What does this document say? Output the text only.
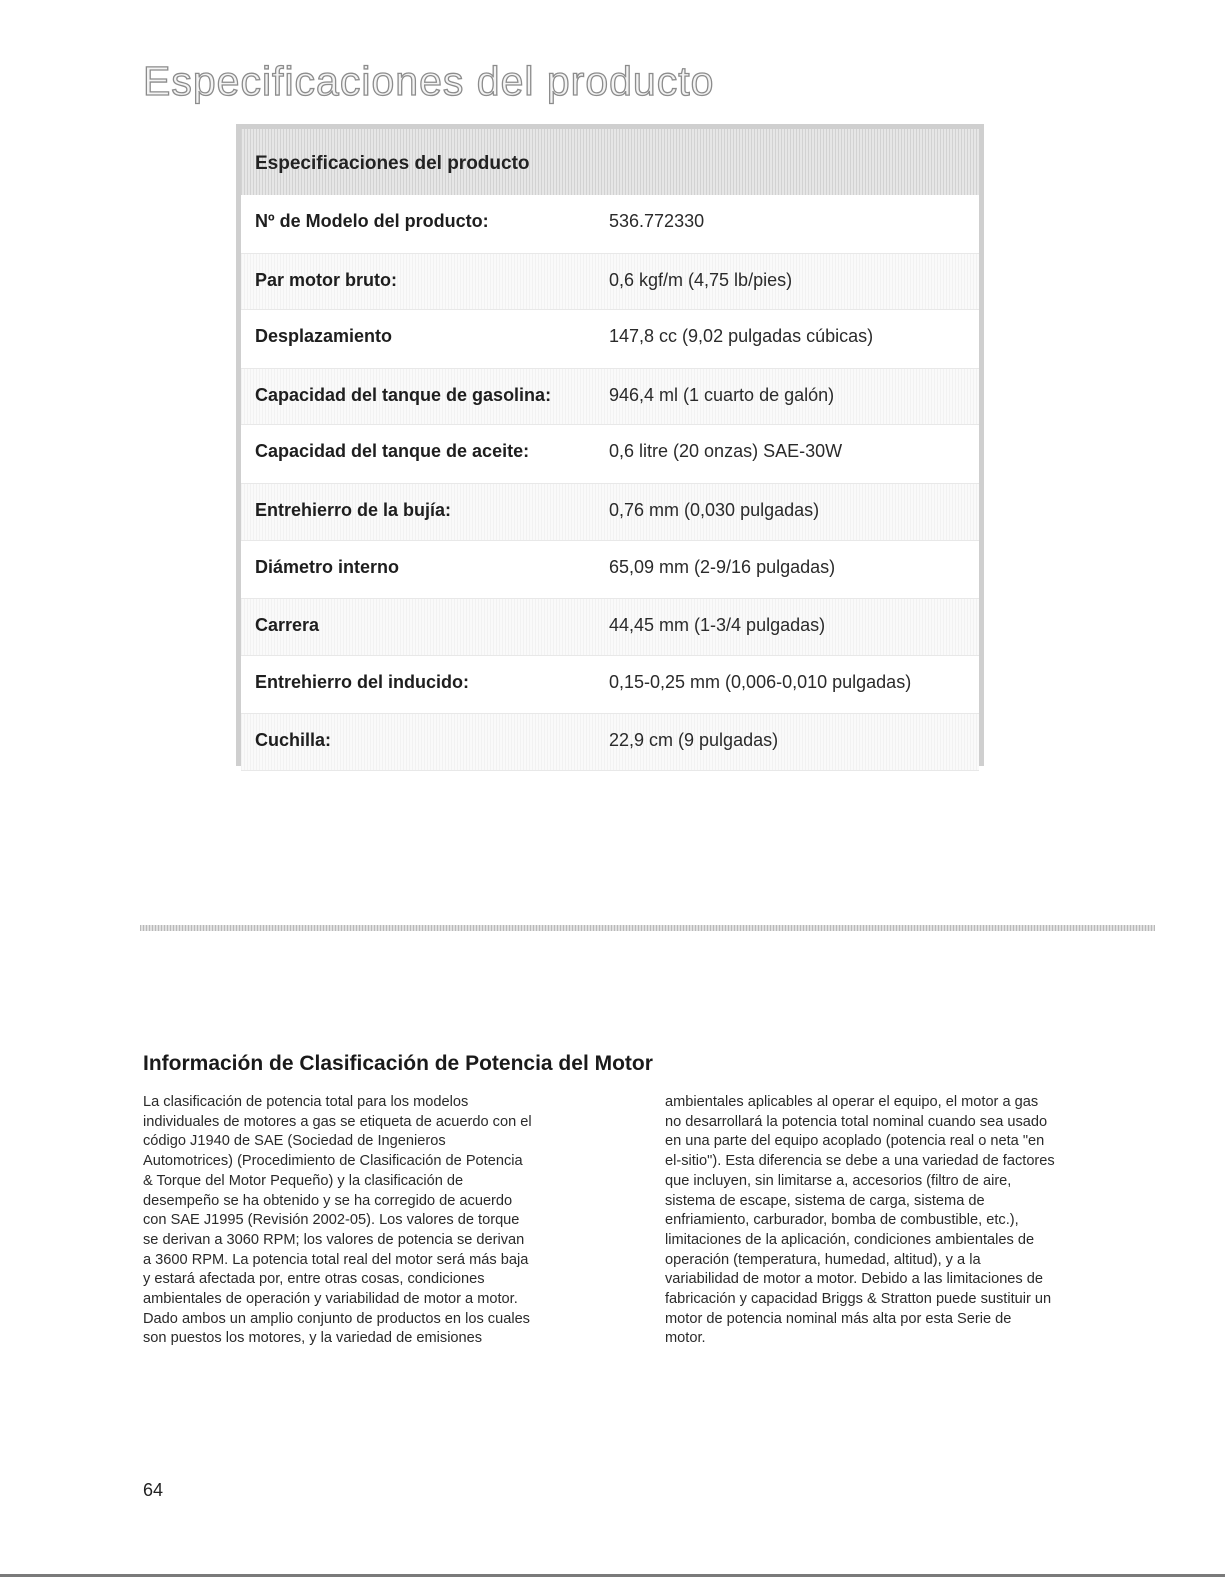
Especificaciones del producto
Especificaciones del producto
Nº de Modelo del producto:	536.772330
Par motor bruto:	0,6 kgf/m (4,75 lb/pies)
Desplazamiento	147,8 cc (9,02 pulgadas cúbicas)
Capacidad del tanque de gasolina:	946,4 ml (1 cuarto de galón)
Capacidad del tanque de aceite:	0,6 litre (20 onzas) SAE-30W
Entrehierro de la bujía:	0,76 mm (0,030 pulgadas)
Diámetro interno	65,09 mm (2-9/16 pulgadas)
Carrera	44,45 mm (1-3/4 pulgadas)
Entrehierro del inducido:	0,15-0,25 mm (0,006-0,010 pulgadas)
Cuchilla:	22,9 cm (9 pulgadas)
Información de Clasificación de Potencia del Motor

La clasificación de potencia total para los modelos
individuales de motores a gas se etiqueta de acuerdo con el
código J1940 de SAE (Sociedad de Ingenieros
Automotrices) (Procedimiento de Clasificación de Potencia
& Torque del Motor Pequeño) y la clasificación de
desempeño se ha obtenido y se ha corregido de acuerdo
con SAE J1995 (Revisión 2002-05). Los valores de torque
se derivan a 3060 RPM; los valores de potencia se derivan
a 3600 RPM. La potencia total real del motor será más baja
y estará afectada por, entre otras cosas, condiciones
ambientales de operación y variabilidad de motor a motor.
Dado ambos un amplio conjunto de productos en los cuales
son puestos los motores, y la variedad de emisiones

ambientales aplicables al operar el equipo, el motor a gas
no desarrollará la potencia total nominal cuando sea usado
en una parte del equipo acoplado (potencia real o neta "en
el-sitio"). Esta diferencia se debe a una variedad de factores
que incluyen, sin limitarse a, accesorios (filtro de aire,
sistema de escape, sistema de carga, sistema de
enfriamiento, carburador, bomba de combustible, etc.),
limitaciones de la aplicación, condiciones ambientales de
operación (temperatura, humedad, altitud), y a la
variabilidad de motor a motor. Debido a las limitaciones de
fabricación y capacidad Briggs & Stratton puede sustituir un
motor de potencia nominal más alta por esta Serie de
motor.

64
